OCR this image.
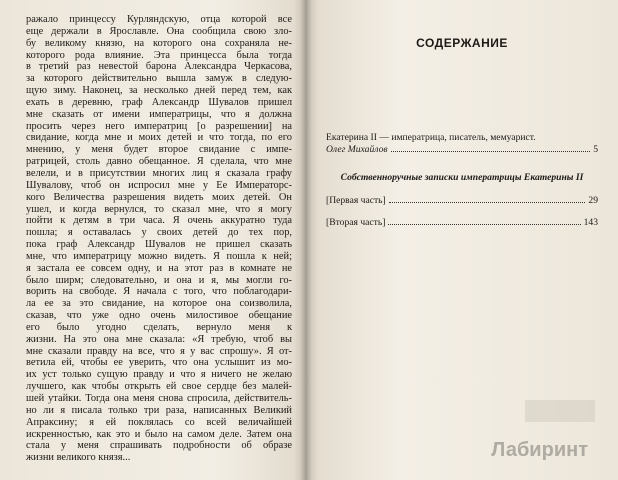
ражало принцессу Курляндскую, отца которой все
еще держали в Ярославле. Она сообщила свою зло-
бу великому князю, на которого она сохраняла не-
которого рода влияние. Эта принцесса была тогда
в третий раз невестой барона Александра Черкасова,
за которого действительно вышла замуж в следую-
щую зиму. Наконец, за несколько дней перед тем, как
ехать в деревню, граф Александр Шувалов пришел
мне сказать от имени императрицы, что я должна
просить через него императриц [о разрешении] на
свидание, когда мне и моих детей и что тогда, по его
мнению, у меня будет второе свидание с импе-
ратрицей, столь давно обещанное. Я сделала, что мне
велели, и в присутствии многих лиц я сказала графу
Шувалову, чтоб он испросил мне у Ее Императорс-
кого Величества разрешения видеть моих детей. Он
ушел, и когда вернулся, то сказал мне, что я могу
пойти к детям в три часа. Я очень аккуратно туда
пошла; я оставалась у своих детей до тех пор,
пока граф Александр Шувалов не пришел сказать
мне, что императрицу можно видеть. Я пошла к ней;
я застала ее совсем одну, и на этот раз в комнате не
было ширм; следовательно, и она и я, мы могли го-
ворить на свободе. Я начала с того, что поблагодари-
ла ее за это свидание, на которое она соизволила,
сказав, что уже одно очень милостивое обещание
его было угодно сделать, вернуло меня к
жизни. На это она мне сказала: «Я требую, чтоб вы
мне сказали правду на все, что я у вас спрошу». Я от-
ветила ей, чтобы ее уверить, что она услышит из мо-
их уст только сущую правду и что я ничего не желаю
лучшего, как чтобы открыть ей свое сердце без малей-
шей утайки. Тогда она меня снова спросила, действитель-
но ли я писала только три раза, написанных Великий
Апраксину; я ей поклялась со всей величайшей
искренностью, как это и было на самом деле. Затем она
стала у меня спрашивать подробности об образе
жизни великого князя...
СОДЕРЖАНИЕ
Екатерина II — императрица, писатель, мемуарист.
Олег Михайлов	5
Собственноручные записки императрицы Екатерины II
[Первая часть]	29
[Вторая часть]	143
Лабиринт
